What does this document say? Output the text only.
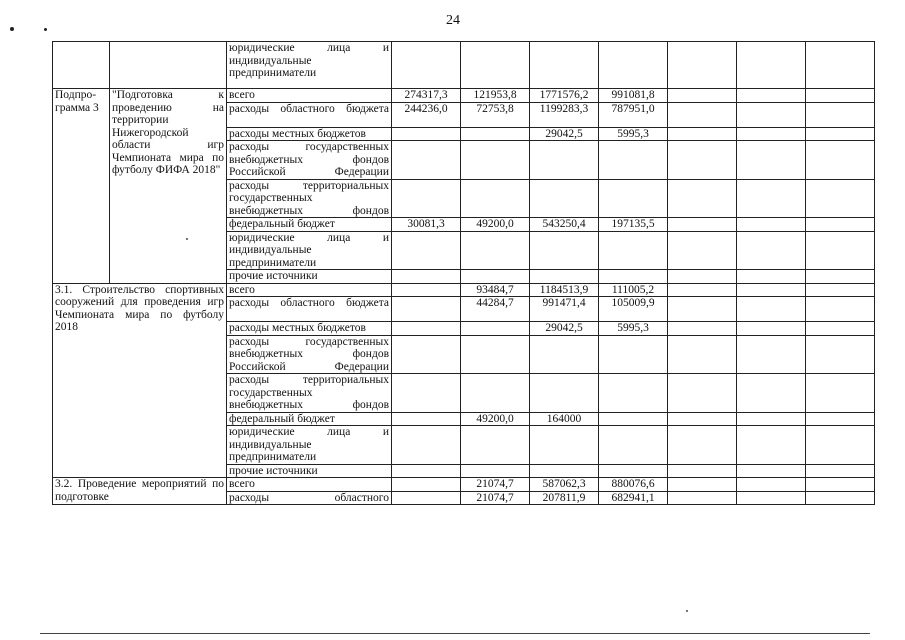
24
		юридические лица и индивидуальные предприниматели							
Подпро-грамма 3	"Подготовка к проведению на территории Нижегородской области игр Чемпионата мира по футболу ФИФА 2018"	всего	274317,3	121953,8	1771576,2	991081,8			
		расходы областного бюджета	244236,0	72753,8	1199283,3	787951,0			
		расходы местных бюджетов			29042,5	5995,3			
		расходы государственных внебюджетных фондов Российской Федерации							
		расходы территориальных государственных внебюджетных фондов							
		федеральный бюджет	30081,3	49200,0	543250,4	197135,5			
		юридические лица и индивидуальные предприниматели							
		прочие источники							
3.1. Строительство спортивных сооружений для проведения игр Чемпионата мира по футболу 2018		всего		93484,7	1184513,9	111005,2			
		расходы областного бюджета		44284,7	991471,4	105009,9			
		расходы местных бюджетов			29042,5	5995,3			
		расходы государственных внебюджетных фондов Российской Федерации							
		расходы территориальных государственных внебюджетных фондов							
		федеральный бюджет		49200,0	164000				
		юридические лица и индивидуальные предприниматели							
		прочие источники							
3.2. Проведение мероприятий по подготовке		всего		21074,7	587062,3	880076,6			
		расходы областного		21074,7	207811,9	682941,1			
